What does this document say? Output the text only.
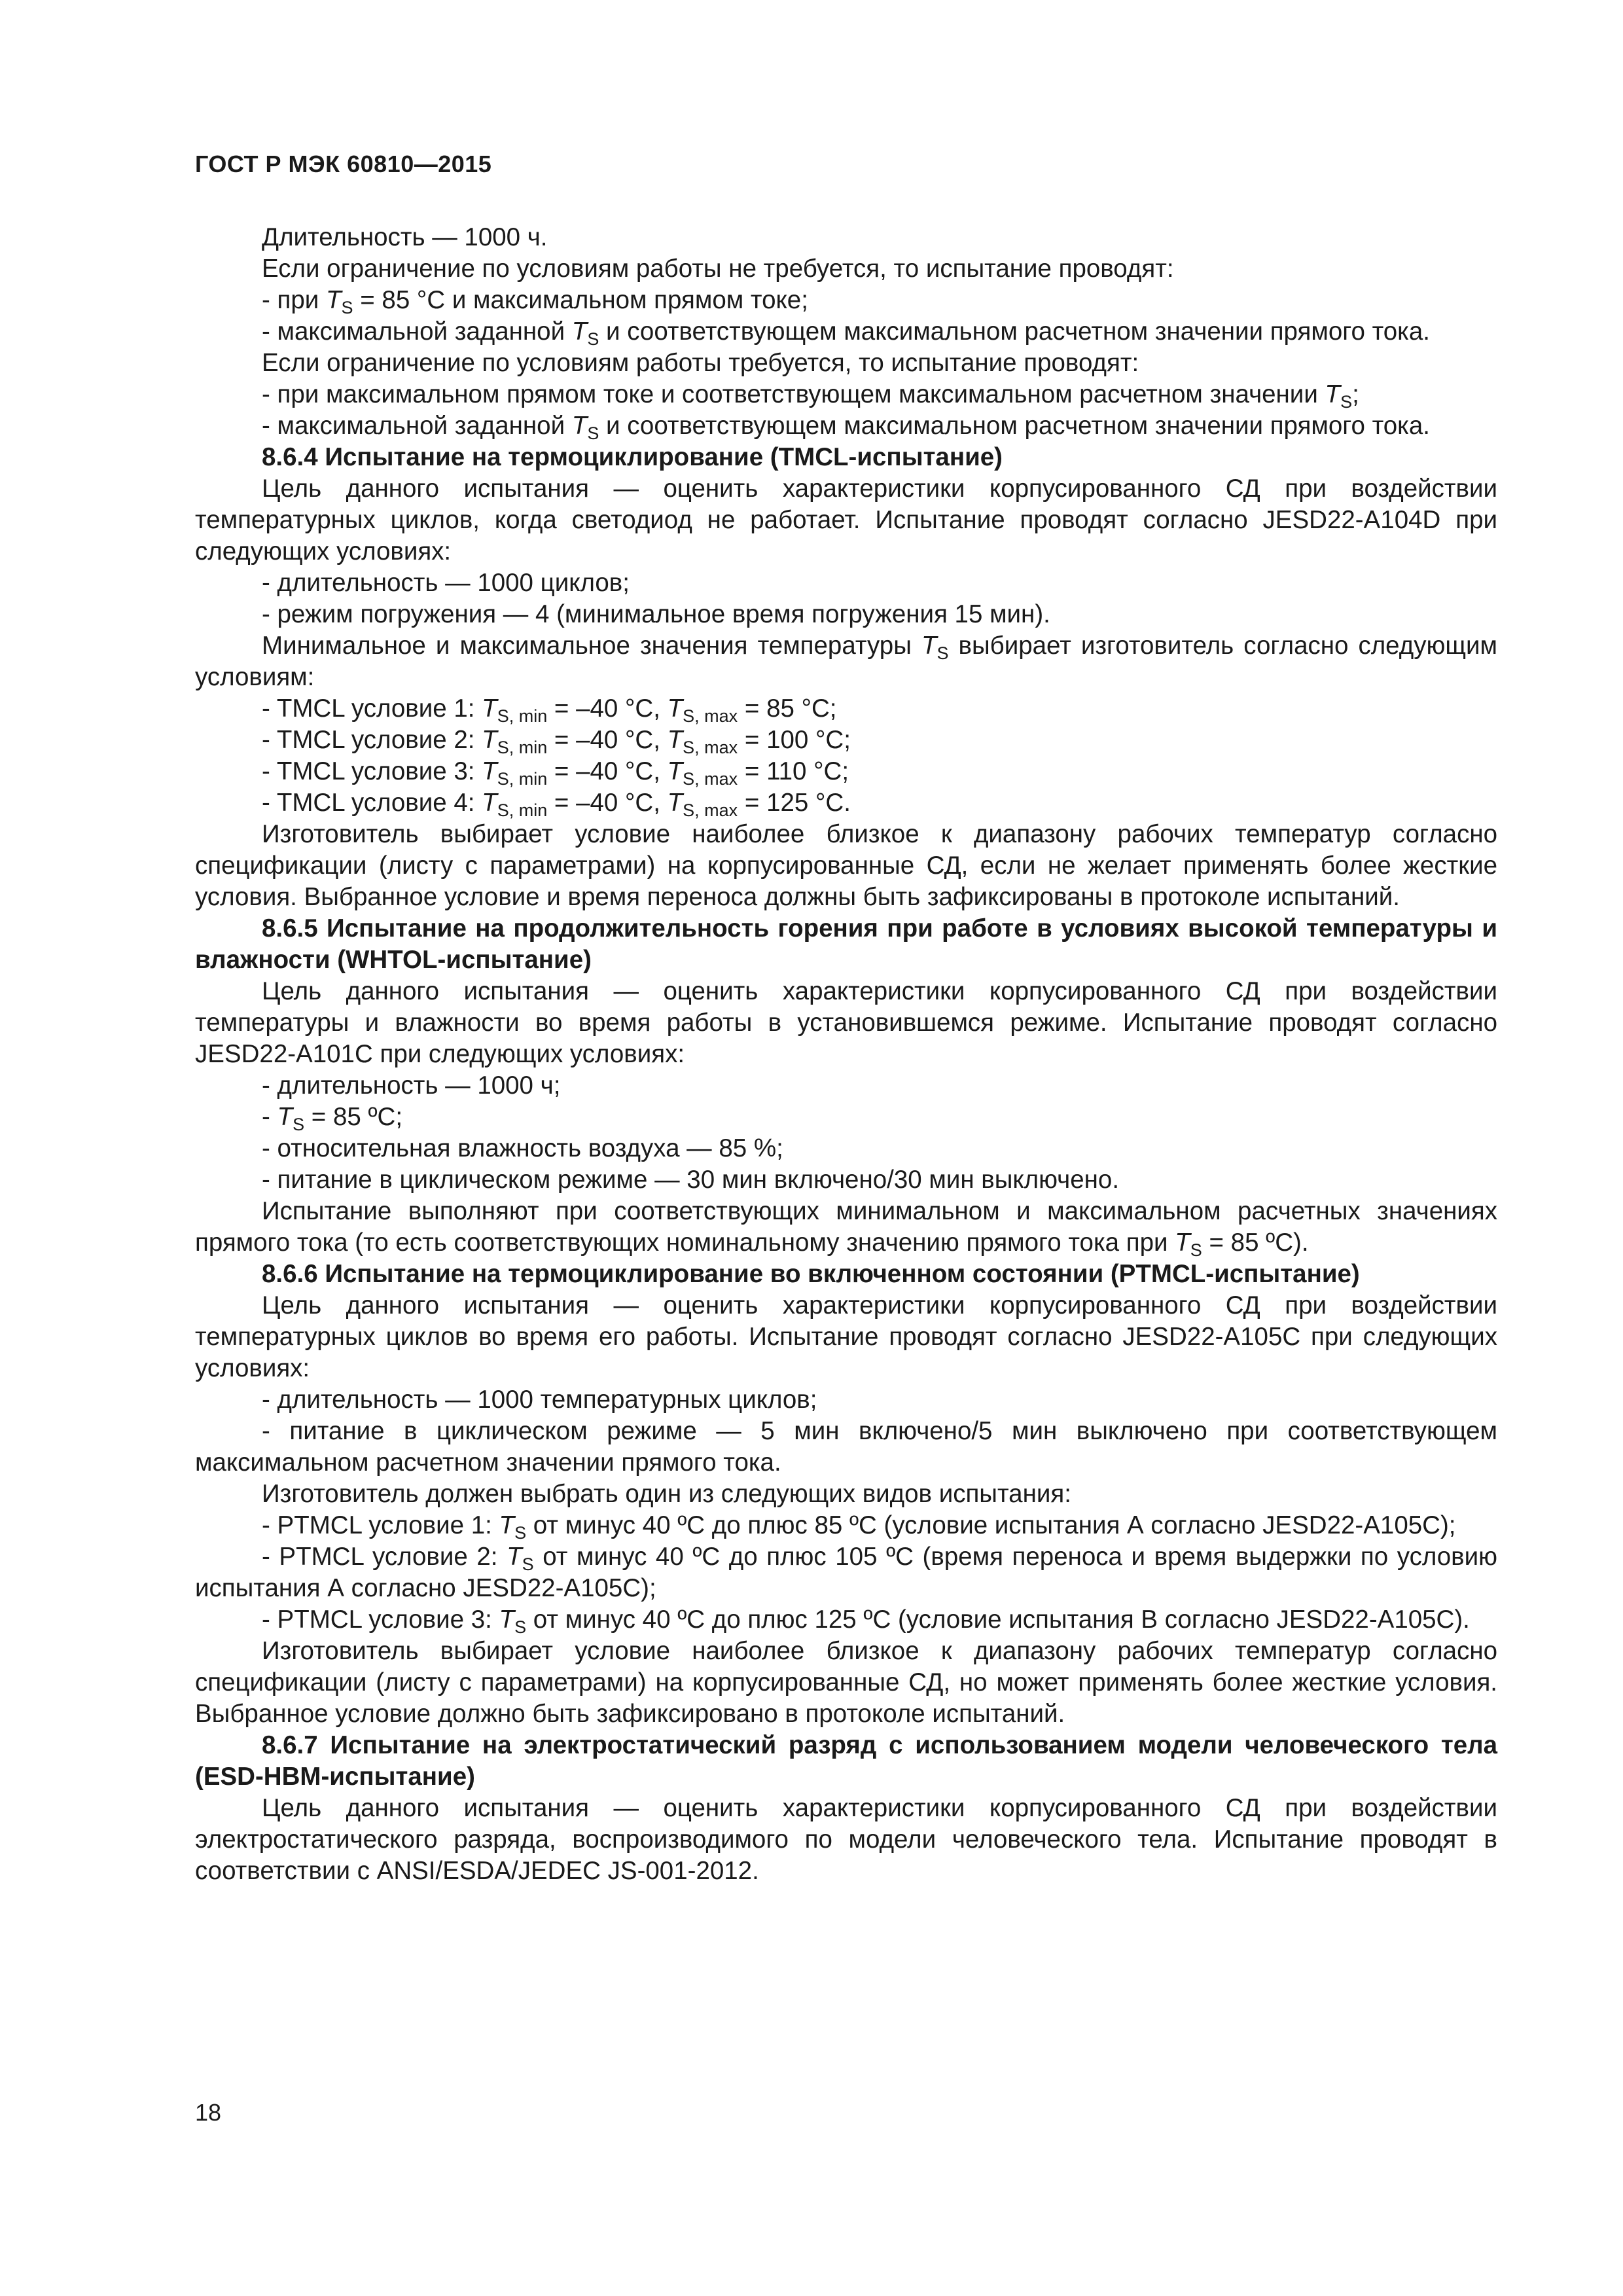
ГОСТ Р МЭК 60810—2015

Длительность — 1000 ч.

Если ограничение по условиям работы не требуется, то испытание проводят:

- при $T_S = 85$ °С и максимальном прямом токе;

- максимальной заданной $T_S$ и соответствующем максимальном расчетном значении прямого тока.

Если ограничение по условиям работы требуется, то испытание проводят:

- при максимальном прямом токе и соответствующем максимальном расчетном значении $T_S$;

- максимальной заданной $T_S$ и соответствующем максимальном расчетном значении прямого тока.

8.6.4 Испытание на термоциклирование (TMCL-испытание)

Цель данного испытания — оценить характеристики корпусированного СД при воздействии температурных циклов, когда светодиод не работает. Испытание проводят согласно JESD22-A104D при следующих условиях:

- длительность — 1000 циклов;

- режим погружения — 4 (минимальное время погружения 15 мин).

Минимальное и максимальное значения температуры $T_S$ выбирает изготовитель согласно следующим условиям:

- TMCL условие 1: $T_{S, min} = -40$ °С, $T_{S, max} = 85$ °С;

- TMCL условие 2: $T_{S, min} = -40$ °С, $T_{S, max} = 100$ °С;

- TMCL условие 3: $T_{S, min} = -40$ °С, $T_{S, max} = 110$ °С;

- TMCL условие 4: $T_{S, min} = -40$ °С, $T_{S, max} = 125$ °С.

Изготовитель выбирает условие наиболее близкое к диапазону рабочих температур согласно спецификации (листу с параметрами) на корпусированные СД, если не желает применять более жесткие условия. Выбранное условие и время переноса должны быть зафиксированы в протоколе испытаний.

8.6.5 Испытание на продолжительность горения при работе в условиях высокой температуры и влажности (WHTOL-испытание)

Цель данного испытания — оценить характеристики корпусированного СД при воздействии температуры и влажности во время работы в установившемся режиме. Испытание проводят согласно JESD22-A101C при следующих условиях:

- длительность — 1000 ч;

- $T_S = 85$ ºС;

- относительная влажность воздуха — 85 %;

- питание в циклическом режиме — 30 мин включено/30 мин выключено.

Испытание выполняют при соответствующих минимальном и максимальном расчетных значениях прямого тока (то есть соответствующих номинальному значению прямого тока при $T_S = 85$ ºС).

8.6.6 Испытание на термоциклирование во включенном состоянии (PTMCL-испытание)

Цель данного испытания — оценить характеристики корпусированного СД при воздействии температурных циклов во время его работы. Испытание проводят согласно JESD22-A105C при следующих условиях:

- длительность — 1000 температурных циклов;

- питание в циклическом режиме — 5 мин включено/5 мин выключено при соответствующем максимальном расчетном значении прямого тока.

Изготовитель должен выбрать один из следующих видов испытания:

- PTMCL условие 1: $T_S$ от минус 40 ºС до плюс 85 ºС (условие испытания А согласно JESD22-A105C);

- PTMCL условие 2: $T_S$ от минус 40 ºС до плюс 105 ºС (время переноса и время выдержки по условию испытания А согласно JESD22-A105C);

- PTMCL условие 3: $T_S$ от минус 40 ºС до плюс 125 ºС (условие испытания В согласно JESD22-A105C).

Изготовитель выбирает условие наиболее близкое к диапазону рабочих температур согласно спецификации (листу с параметрами) на корпусированные СД, но может применять более жесткие условия. Выбранное условие должно быть зафиксировано в протоколе испытаний.

8.6.7 Испытание на электростатический разряд с использованием модели человеческого тела (ESD-HBM-испытание)

Цель данного испытания — оценить характеристики корпусированного СД при воздействии электростатического разряда, воспроизводимого по модели человеческого тела. Испытание проводят в соответствии с ANSI/ESDA/JEDEC JS-001-2012.

18
